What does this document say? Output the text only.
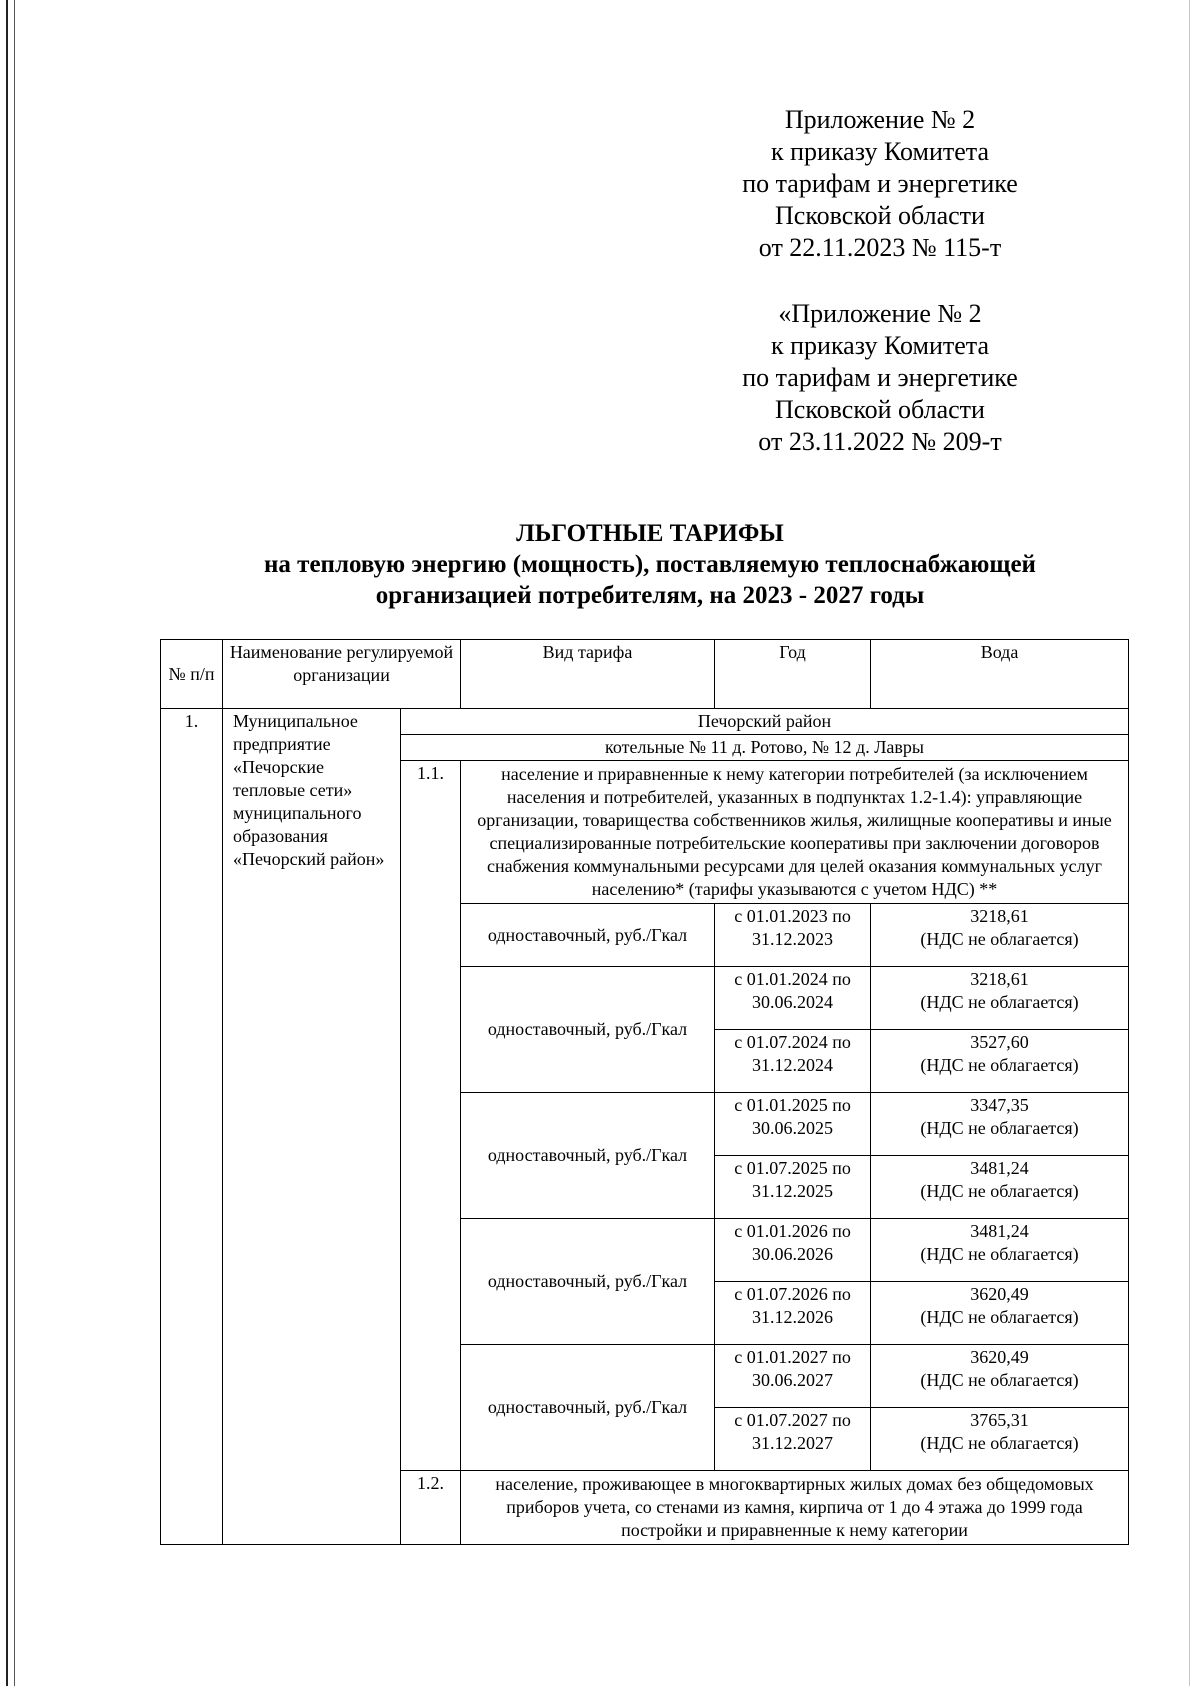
Приложение № 2
к приказу Комитета
по тарифам и энергетике
Псковской области
от 22.11.2023 № 115-т
«Приложение № 2
к приказу Комитета
по тарифам и энергетике
Псковской области
от 23.11.2022 № 209-т
ЛЬГОТНЫЕ ТАРИФЫ
на тепловую энергию (мощность), поставляемую теплоснабжающей
организацией потребителям, на 2023 - 2027 годы
№ п/п	Наименование регулируемой организации		Вид тарифа	Год	Вода
1.	Муниципальное предприятие «Печорские тепловые сети» муниципального образования «Печорский район»	Печорский район			
		котельные № 11 д. Ротово, № 12 д. Лавры			
		1.1.	население и приравненные к нему категории потребителей (за исключением населения и потребителей, указанных в подпунктах 1.2-1.4): управляющие организации, товарищества собственников жилья, жилищные кооперативы и иные специализированные потребительские кооперативы при заключении договоров снабжения коммунальными ресурсами для целей оказания коммунальных услуг населению* (тарифы указываются с учетом НДС) **		
			одноставочный, руб./Гкал	с 01.01.2023 по 31.12.2023	3218,61
(НДС не облагается)

			одноставочный, руб./Гкал	с 01.01.2024 по 30.06.2024	3218,61
(НДС не облагается)

				с 01.07.2024 по 31.12.2024	3527,60
(НДС не облагается)

			одноставочный, руб./Гкал	с 01.01.2025 по 30.06.2025	3347,35
(НДС не облагается)

				с 01.07.2025 по 31.12.2025	3481,24
(НДС не облагается)

			одноставочный, руб./Гкал	с 01.01.2026 по 30.06.2026	3481,24
(НДС не облагается)

				с 01.07.2026 по 31.12.2026	3620,49
(НДС не облагается)

			одноставочный, руб./Гкал	с 01.01.2027 по 30.06.2027	3620,49
(НДС не облагается)

				с 01.07.2027 по 31.12.2027	3765,31
(НДС не облагается)

		1.2.	население, проживающее в многоквартирных жилых домах без общедомовых приборов учета, со стенами из камня, кирпича от 1 до 4 этажа до 1999 года постройки и приравненные к нему категории		
